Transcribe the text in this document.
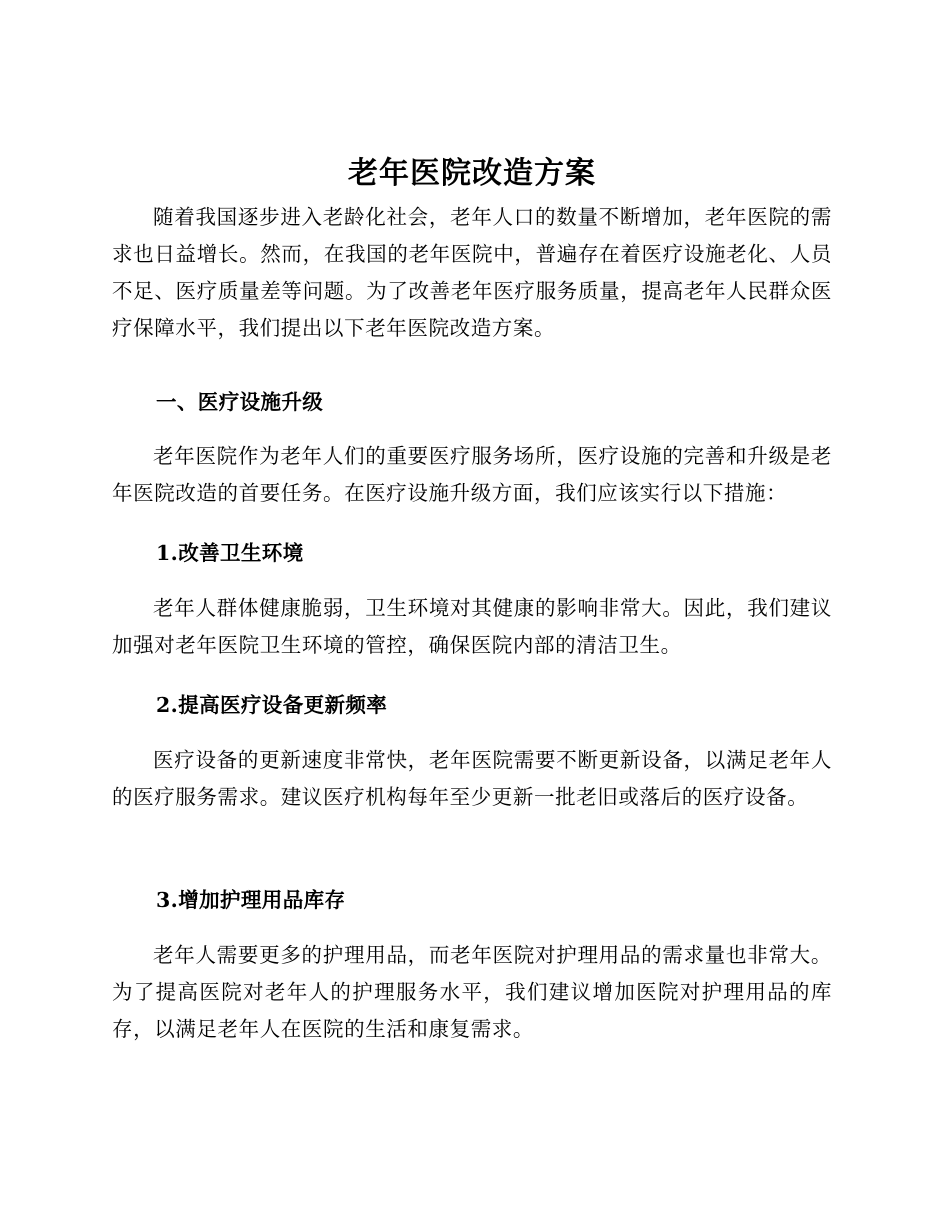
老年医院改造方案

随着我国逐步进入老龄化社会，老年人口的数量不断增加，老年医院的需求也日益增长。然而，在我国的老年医院中，普遍存在着医疗设施老化、人员不足、医疗质量差等问题。为了改善老年医疗服务质量，提高老年人民群众医疗保障水平，我们提出以下老年医院改造方案。

一、医疗设施升级

老年医院作为老年人们的重要医疗服务场所，医疗设施的完善和升级是老年医院改造的首要任务。在医疗设施升级方面，我们应该实行以下措施：

1.改善卫生环境

老年人群体健康脆弱，卫生环境对其健康的影响非常大。因此，我们建议加强对老年医院卫生环境的管控，确保医院内部的清洁卫生。

2.提高医疗设备更新频率

医疗设备的更新速度非常快，老年医院需要不断更新设备，以满足老年人的医疗服务需求。建议医疗机构每年至少更新一批老旧或落后的医疗设备。

3.增加护理用品库存

老年人需要更多的护理用品，而老年医院对护理用品的需求量也非常大。为了提高医院对老年人的护理服务水平，我们建议增加医院对护理用品的库存，以满足老年人在医院的生活和康复需求。
